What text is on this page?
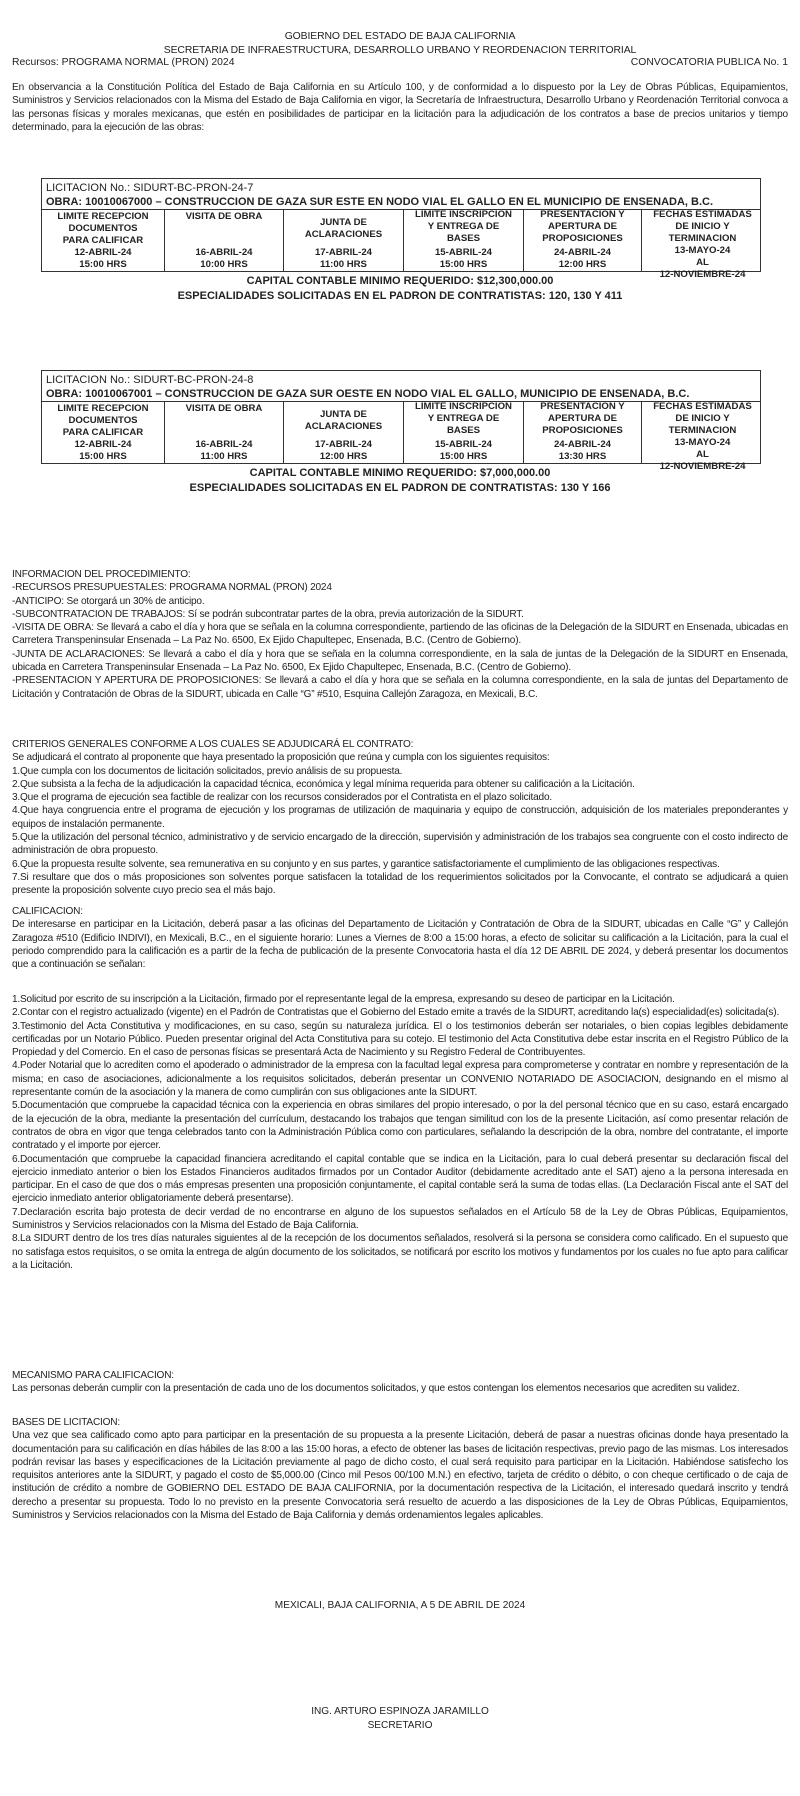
GOBIERNO DEL ESTADO DE BAJA CALIFORNIA
SECRETARIA DE INFRAESTRUCTURA, DESARROLLO URBANO Y REORDENACION TERRITORIAL
Recursos: PROGRAMA NORMAL (PRON) 2024	CONVOCATORIA PUBLICA No. 1
En observancia a la Constitución Política del Estado de Baja California en su Artículo 100, y de conformidad a lo dispuesto por la Ley de Obras Públicas, Equipamientos, Suministros y Servicios relacionados con la Misma del Estado de Baja California en vigor, la Secretaría de Infraestructura, Desarrollo Urbano y Reordenación Territorial convoca a las personas físicas y morales mexicanas, que estén en posibilidades de participar en la licitación para la adjudicación de los contratos a base de precios unitarios y tiempo determinado, para la ejecución de las obras:
LICITACION No.: SIDURT-BC-PRON-24-7
OBRA: 10010067000 – CONSTRUCCION DE GAZA SUR ESTE EN NODO VIAL EL GALLO EN EL MUNICIPIO DE ENSENADA, B.C.
LIMITE RECEPCION
DOCUMENTOS
PARA CALIFICAR
12-ABRIL-24
15:00 HRS
VISITA DE OBRA
16-ABRIL-24
10:00 HRS
JUNTA DE
ACLARACIONES
17-ABRIL-24
11:00 HRS
LIMITE INSCRIPCION
Y ENTREGA DE
BASES
15-ABRIL-24
15:00 HRS
PRESENTACION Y
APERTURA DE
PROPOSICIONES
24-ABRIL-24
12:00 HRS
FECHAS ESTIMADAS
DE INICIO Y
TERMINACION
13-MAYO-24
AL
12-NOVIEMBRE-24
CAPITAL CONTABLE MINIMO REQUERIDO: $12,300,000.00
ESPECIALIDADES SOLICITADAS EN EL PADRON DE CONTRATISTAS: 120, 130 Y 411
LICITACION No.: SIDURT-BC-PRON-24-8
OBRA: 10010067001 – CONSTRUCCION DE GAZA SUR OESTE EN NODO VIAL EL GALLO, MUNICIPIO DE ENSENADA, B.C.
LIMITE RECEPCION
DOCUMENTOS
PARA CALIFICAR
12-ABRIL-24
15:00 HRS
VISITA DE OBRA
16-ABRIL-24
11:00 HRS
JUNTA DE
ACLARACIONES
17-ABRIL-24
12:00 HRS
LIMITE INSCRIPCION
Y ENTREGA DE
BASES
15-ABRIL-24
15:00 HRS
PRESENTACION Y
APERTURA DE
PROPOSICIONES
24-ABRIL-24
13:30 HRS
FECHAS ESTIMADAS
DE INICIO Y
TERMINACION
13-MAYO-24
AL
12-NOVIEMBRE-24
CAPITAL CONTABLE MINIMO REQUERIDO: $7,000,000.00
ESPECIALIDADES SOLICITADAS EN EL PADRON DE CONTRATISTAS: 130 Y 166

INFORMACION DEL PROCEDIMIENTO:

-RECURSOS PRESUPUESTALES: PROGRAMA NORMAL (PRON) 2024

-ANTICIPO: Se otorgará un 30% de anticipo.

-SUBCONTRATACION DE TRABAJOS: Sí se podrán subcontratar partes de la obra, previa autorización de la SIDURT.

-VISITA DE OBRA: Se llevará a cabo el día y hora que se señala en la columna correspondiente, partiendo de las oficinas de la Delegación de la SIDURT en Ensenada, ubicadas en Carretera Transpeninsular Ensenada – La Paz No. 6500, Ex Ejido Chapultepec, Ensenada, B.C. (Centro de Gobierno).

-JUNTA DE ACLARACIONES: Se llevará a cabo el día y hora que se señala en la columna correspondiente, en la sala de juntas de la Delegación de la SIDURT en Ensenada, ubicada en Carretera Transpeninsular Ensenada – La Paz No. 6500, Ex Ejido Chapultepec, Ensenada, B.C. (Centro de Gobierno).

-PRESENTACION Y APERTURA DE PROPOSICIONES: Se llevará a cabo el día y hora que se señala en la columna correspondiente, en la sala de juntas del Departamento de Licitación y Contratación de Obras de la SIDURT, ubicada en Calle “G” #510, Esquina Callejón Zaragoza, en Mexicali, B.C.

CRITERIOS GENERALES CONFORME A LOS CUALES SE ADJUDICARÁ EL CONTRATO:

Se adjudicará el contrato al proponente que haya presentado la proposición que reúna y cumpla con los siguientes requisitos:

1.Que cumpla con los documentos de licitación solicitados, previo análisis de su propuesta.

2.Que subsista a la fecha de la adjudicación la capacidad técnica, económica y legal mínima requerida para obtener su calificación a la Licitación.

3.Que el programa de ejecución sea factible de realizar con los recursos considerados por el Contratista en el plazo solicitado.

4.Que haya congruencia entre el programa de ejecución y los programas de utilización de maquinaria y equipo de construcción, adquisición de los materiales preponderantes y equipos de instalación permanente.

5.Que la utilización del personal técnico, administrativo y de servicio encargado de la dirección, supervisión y administración de los trabajos sea congruente con el costo indirecto de administración de obra propuesto.

6.Que la propuesta resulte solvente, sea remunerativa en su conjunto y en sus partes, y garantice satisfactoriamente el cumplimiento de las obligaciones respectivas.

7.Si resultare que dos o más proposiciones son solventes porque satisfacen la totalidad de los requerimientos solicitados por la Convocante, el contrato se adjudicará a quien presente la proposición solvente cuyo precio sea el más bajo.

CALIFICACION:

De interesarse en participar en la Licitación, deberá pasar a las oficinas del Departamento de Licitación y Contratación de Obra de la SIDURT, ubicadas en Calle “G” y Callejón Zaragoza #510 (Edificio INDIVI), en Mexicali, B.C., en el siguiente horario: Lunes a Viernes de 8:00 a 15:00 horas, a efecto de solicitar su calificación a la Licitación, para la cual el periodo comprendido para la calificación es a partir de la fecha de publicación de la presente Convocatoria hasta el día 12 DE ABRIL DE 2024, y deberá presentar los documentos que a continuación se señalan:

1.Solicitud por escrito de su inscripción a la Licitación, firmado por el representante legal de la empresa, expresando su deseo de participar en la Licitación.

2.Contar con el registro actualizado (vigente) en el Padrón de Contratistas que el Gobierno del Estado emite a través de la SIDURT, acreditando la(s) especialidad(es) solicitada(s).

3.Testimonio del Acta Constitutiva y modificaciones, en su caso, según su naturaleza jurídica. El o los testimonios deberán ser notariales, o bien copias legibles debidamente certificadas por un Notario Público. Pueden presentar original del Acta Constitutiva para su cotejo. El testimonio del Acta Constitutiva debe estar inscrita en el Registro Público de la Propiedad y del Comercio. En el caso de personas físicas se presentará Acta de Nacimiento y su Registro Federal de Contribuyentes.

4.Poder Notarial que lo acrediten como el apoderado o administrador de la empresa con la facultad legal expresa para comprometerse y contratar en nombre y representación de la misma; en caso de asociaciones, adicionalmente a los requisitos solicitados, deberán presentar un CONVENIO NOTARIADO DE ASOCIACION, designando en el mismo al representante común de la asociación y la manera de como cumplirán con sus obligaciones ante la SIDURT.

5.Documentación que compruebe la capacidad técnica con la experiencia en obras similares del propio interesado, o por la del personal técnico que en su caso, estará encargado de la ejecución de la obra, mediante la presentación del currículum, destacando los trabajos que tengan similitud con los de la presente Licitación, así como presentar relación de contratos de obra en vigor que tenga celebrados tanto con la Administración Pública como con particulares, señalando la descripción de la obra, nombre del contratante, el importe contratado y el importe por ejercer.

6.Documentación que compruebe la capacidad financiera acreditando el capital contable que se indica en la Licitación, para lo cual deberá presentar su declaración fiscal del ejercicio inmediato anterior o bien los Estados Financieros auditados firmados por un Contador Auditor (debidamente acreditado ante el SAT) ajeno a la persona interesada en participar. En el caso de que dos o más empresas presenten una proposición conjuntamente, el capital contable será la suma de todas ellas. (La Declaración Fiscal ante el SAT del ejercicio inmediato anterior obligatoriamente deberá presentarse).

7.Declaración escrita bajo protesta de decir verdad de no encontrarse en alguno de los supuestos señalados en el Artículo 58 de la Ley de Obras Públicas, Equipamientos, Suministros y Servicios relacionados con la Misma del Estado de Baja California.

8.La SIDURT dentro de los tres días naturales siguientes al de la recepción de los documentos señalados, resolverá si la persona se considera como calificado. En el supuesto que no satisfaga estos requisitos, o se omita la entrega de algún documento de los solicitados, se notificará por escrito los motivos y fundamentos por los cuales no fue apto para calificar a la Licitación.

MECANISMO PARA CALIFICACION:

Las personas deberán cumplir con la presentación de cada uno de los documentos solicitados, y que estos contengan los elementos necesarios que acrediten su validez.

BASES DE LICITACION:

Una vez que sea calificado como apto para participar en la presentación de su propuesta a la presente Licitación, deberá de pasar a nuestras oficinas donde haya presentado la documentación para su calificación en días hábiles de las 8:00 a las 15:00 horas, a efecto de obtener las bases de licitación respectivas, previo pago de las mismas. Los interesados podrán revisar las bases y especificaciones de la Licitación previamente al pago de dicho costo, el cual será requisito para participar en la Licitación. Habiéndose satisfecho los requisitos anteriores ante la SIDURT, y pagado el costo de $5,000.00 (Cinco mil Pesos 00/100 M.N.) en efectivo, tarjeta de crédito o débito, o con cheque certificado o de caja de institución de crédito a nombre de GOBIERNO DEL ESTADO DE BAJA CALIFORNIA, por la documentación respectiva de la Licitación, el interesado quedará inscrito y tendrá derecho a presentar su propuesta. Todo lo no previsto en la presente Convocatoria será resuelto de acuerdo a las disposiciones de la Ley de Obras Públicas, Equipamientos, Suministros y Servicios relacionados con la Misma del Estado de Baja California y demás ordenamientos legales aplicables.

MEXICALI, BAJA CALIFORNIA, A 5 DE ABRIL DE 2024
ING. ARTURO ESPINOZA JARAMILLO
SECRETARIO
